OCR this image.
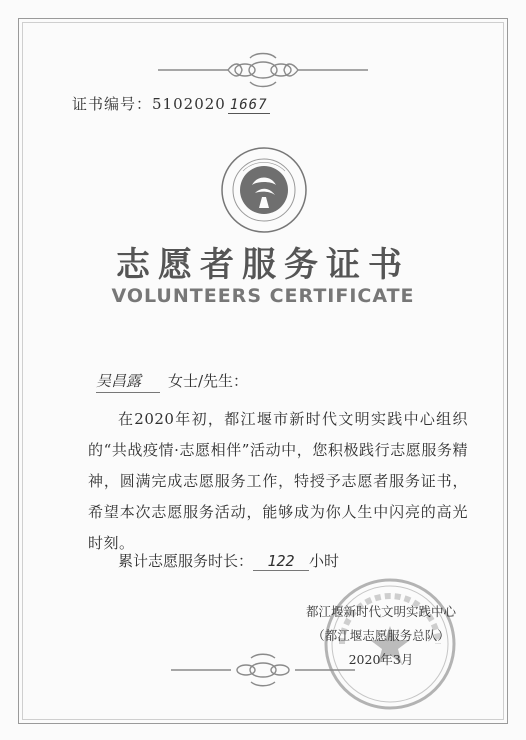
证书编号：5102020 1667
志愿者服务证书
VOLUNTEERS CERTIFICATE
吴昌露 女士/先生：
在2020年初，都江堰市新时代文明实践中心组织的“共战疫情·志愿相伴”活动中，您积极践行志愿服务精神，圆满完成志愿服务工作，特授予志愿者服务证书，希望本次志愿服务活动，能够成为你人生中闪亮的高光时刻。
累计志愿服务时长： 122 小时
都江堰新时代文明实践中心
（都江堰志愿服务总队）
2020年3月
